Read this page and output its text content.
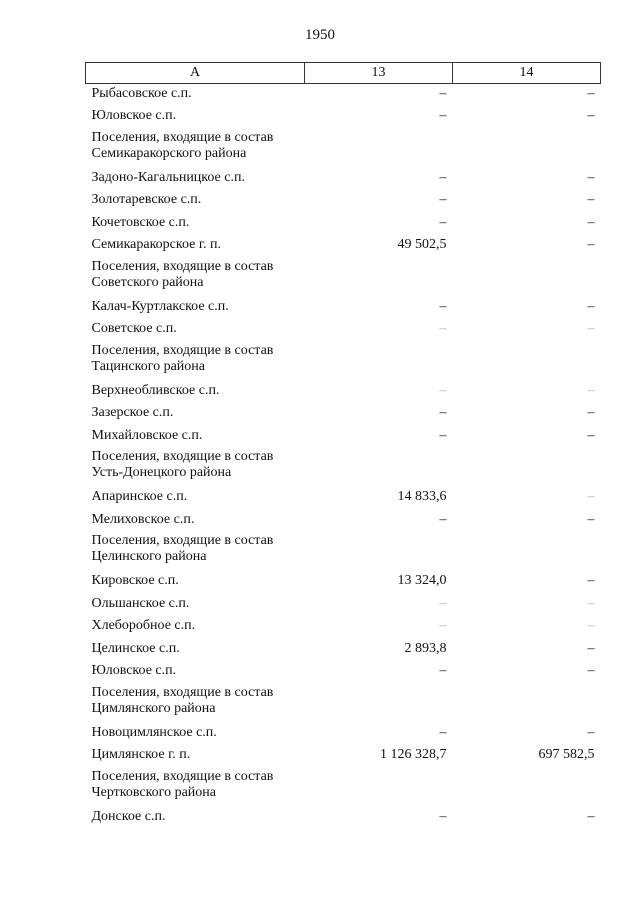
1950
А	13	14

Рыбасовское с.п.	–	–

Юловское с.п.	–	–

Поселения, входящие в состав
Семикаракорского района		

Задоно-Кагальницкое с.п.	–	–

Золотаревское с.п.	–	–

Кочетовское с.п.	–	–

Семикаракорское г. п.	49 502,5	–

Поселения, входящие в состав
Советского района		

Калач-Куртлакское с.п.	–	–

Советское с.п.	–	–

Поселения, входящие в состав
Тацинского района		

Верхнеобливское с.п.	–	–

Зазерское с.п.	–	–

Михайловское с.п.	–	–

Поселения, входящие в состав
Усть-Донецкого района		

Апаринское с.п.	14 833,6	–

Мелиховское с.п.	–	–

Поселения, входящие в состав
Целинского района		

Кировское с.п.	13 324,0	–

Ольшанское с.п.	–	–

Хлеборобное с.п.	–	–

Целинское с.п.	2 893,8	–

Юловское с.п.	–	–

Поселения, входящие в состав
Цимлянского района		

Новоцимлянское с.п.	–	–

Цимлянское г. п.	1 126 328,7	697 582,5

Поселения, входящие в состав
Чертковского района		

Донское с.п.	–	–
